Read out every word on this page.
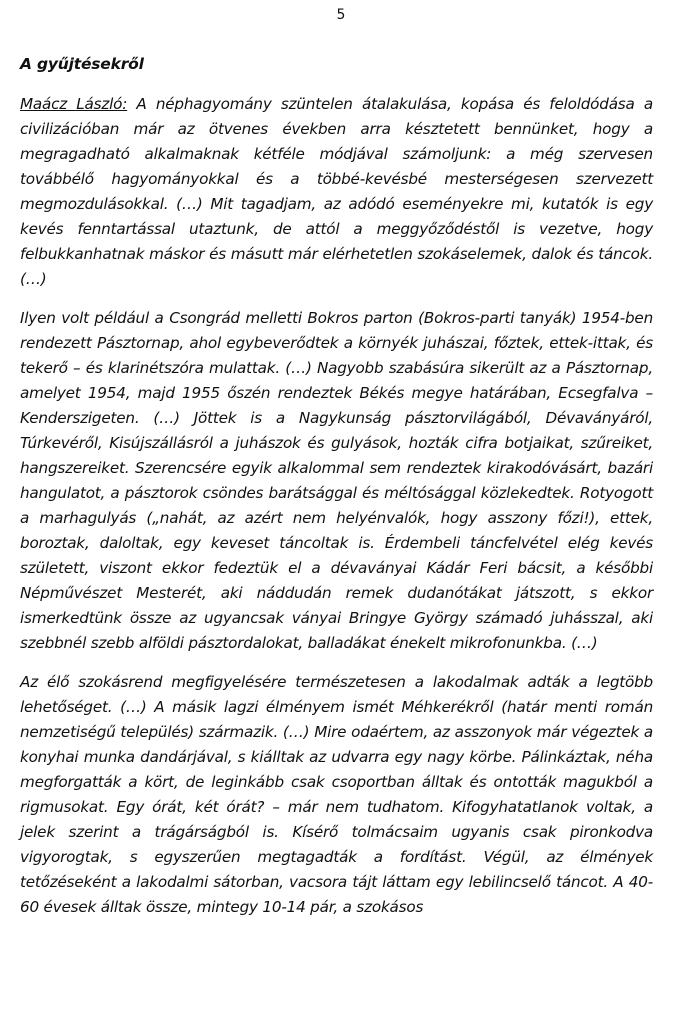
5
A gyűjtésekről

Maácz László: A néphagyomány szüntelen átalakulása, kopása és feloldódása a civilizációban már az ötvenes években arra késztetett bennünket, hogy a megragadható alkalmaknak kétféle módjával számoljunk: a még szervesen továbbélő hagyományokkal és a többé-kevésbé mesterségesen szervezett megmozdulásokkal. (…) Mit tagadjam, az adódó eseményekre mi, kutatók is egy kevés fenntartással utaztunk, de attól a meggyőződéstől is vezetve, hogy felbukkanhatnak máskor és másutt már elérhetetlen szokáselemek, dalok és táncok. (…)

Ilyen volt például a Csongrád melletti Bokros parton (Bokros-parti tanyák) 1954-ben rendezett Pásztornap, ahol egybeverődtek a környék juhászai, főztek, ettek-ittak, és tekerő – és klarinétszóra mulattak. (…) Nagyobb szabásúra sikerült az a Pásztornap, amelyet 1954, majd 1955 őszén rendeztek Békés megye határában, Ecsegfalva – Kenderszigeten. (…) Jöttek is a Nagykunság pásztorvilágából, Dévaványáról, Túrkevéről, Kisújszállásról a juhászok és gulyások, hozták cifra botjaikat, szűreiket, hangszereiket. Szerencsére egyik alkalommal sem rendeztek kirakodóvásárt, bazári hangulatot, a pásztorok csöndes barátsággal és méltósággal közlekedtek. Rotyogott a marhagulyás („nahát, az azért nem helyénvalók, hogy asszony főzi!), ettek, boroztak, daloltak, egy keveset táncoltak is. Érdembeli táncfelvétel elég kevés született, viszont ekkor fedeztük el a dévaványai Kádár Feri bácsit, a későbbi Népművészet Mesterét, aki náddudán remek dudanótákat játszott, s ekkor ismerkedtünk össze az ugyancsak ványai Bringye György számadó juhásszal, aki szebbnél szebb alföldi pásztordalokat, balladákat énekelt mikrofonunkba. (…)

Az élő szokásrend megfigyelésére természetesen a lakodalmak adták a legtöbb lehetőséget. (…) A másik lagzi élményem ismét Méhkerékről (határ menti román nemzetiségű település) származik. (…) Mire odaértem, az asszonyok már végeztek a konyhai munka dandárjával, s kiálltak az udvarra egy nagy körbe. Pálinkáztak, néha megforgatták a kört, de leginkább csak csoportban álltak és ontották magukból a rigmusokat. Egy órát, két órát? – már nem tudhatom. Kifogyhatatlanok voltak, a jelek szerint a trágárságból is. Kísérő tolmácsaim ugyanis csak pironkodva vigyorogtak, s egyszerűen megtagadták a fordítást. Végül, az élmények tetőzéseként a lakodalmi sátorban, vacsora tájt láttam egy lebilincselő táncot. A 40-60 évesek álltak össze, mintegy 10-14 pár, a szokásos
